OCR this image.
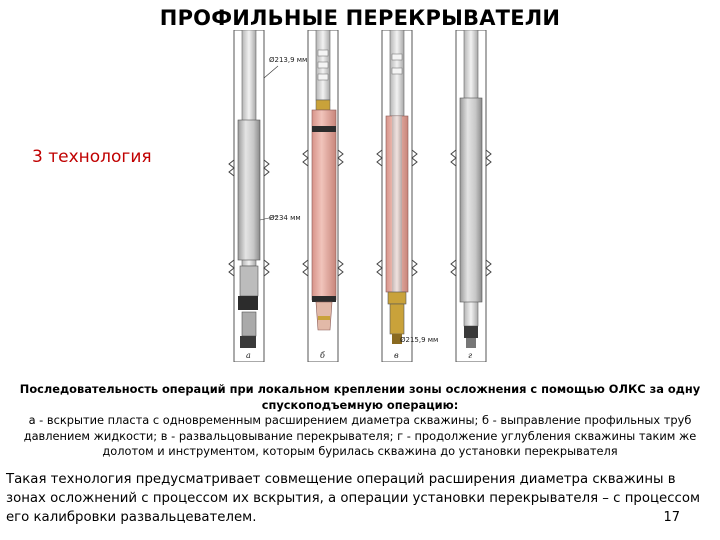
ПРОФИЛЬНЫЕ ПЕРЕКРЫВАТЕЛИ
3 технология
а
Ø213,9 мм
Ø234 мм
б	в
Ø215,9 мм
г
Последовательность операций при локальном креплении зоны осложнения с помощью ОЛКС за одну спускоподъемную операцию:
а - вскрытие пласта с одновременным расширением диаметра скважины; б - выправление профильных труб давлением жидкости; в - развальцовывание перекрывателя; г - продолжение углубления скважины таким же долотом и инструментом, которым бурилась скважина до установки перекрывателя
Такая технология предусматривает совмещение операций расширения диаметра скважины в зонах осложнений с процессом их вскрытия, а операции установки перекрывателя – с процессом его калибровки развальцевателем.	17
